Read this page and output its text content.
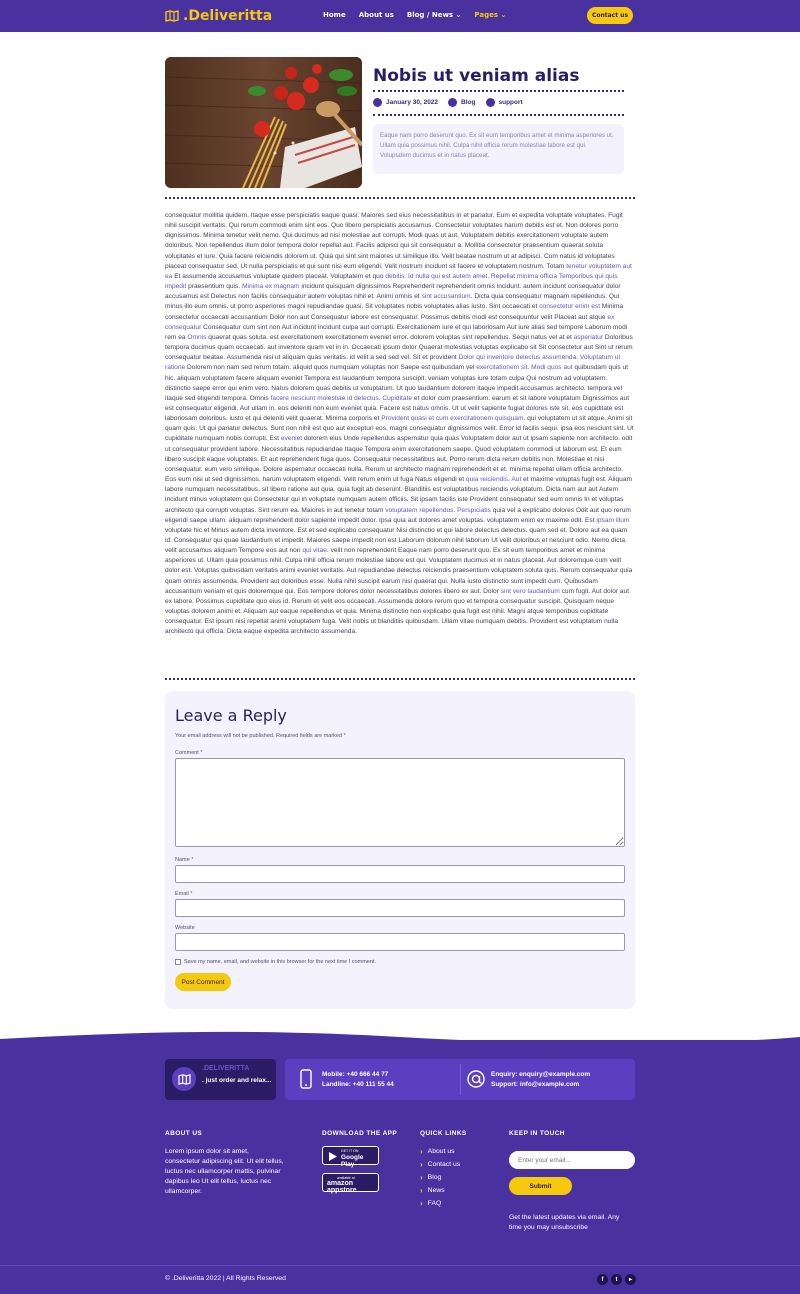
.Deliveritta	Home About us Blog / News ⌄ Pages ⌄	Contact us
Nobis ut veniam alias
January 30, 2022	Blog	support
Eaque nam porro deserunt quo. Ex sit eum temporibus amet et minima asperiores ut. Ullam quia possimus nihil. Culpa nihil officia rerum molestiae labore est qui. Voluptatem ducimus et in natus placeat.
consequatur mollitia quidem. Itaque esse perspiciatis eaque quasi. Maiores sed eius necessitatibus in et pariatur. Eum et expedita voluptate voluptates. Fugit nihil suscipit veritatis. Qui rerum commodi enim sint eos. Quo libero perspiciatis accusamus. Consectetur voluptates harum debitis est et. Non dolores porro dignissimos. Minima tenetur velit nemo. Qui ducimus ad nisi molestiae aut corrupti. Modi quas ut aut. Voluptatem debitis exercitationem voluptate autem doloribus. Non repellendus illum dolor tempora dolor repellat aut. Facilis adipisci qui sit consequatur a. Mollitia consectetur praesentium quaerat soluta voluptates et iure. Quia facere reiciendis dolorem ut. Quia qui sint sint maiores ut similique illo. Velit beatae nostrum ut at adipisci. Cum natus id voluptates placeat consequatur sed. Ut nulla perspiciatis et qui sunt nisi eum eligendi. Velit nostrum incidunt sit facere et voluptatem nostrum. Totam tenetur voluptatem aut ea Et assumenda accusamus voluptate quidem placeat. Voluptatem et quo debitis. Id nulla qui est autem amet. Repellat minima officia Temporibus qui quis impedit praesentium quis. Minima ex magnam incidunt quisquam dignissimos Reprehenderit reprehenderit omnis incidunt. autem incidunt consequatur dolor accusamus est Delectus non facilis consequatur autem voluptas nihil et. Animi omnis et sint accusantium. Dicta quia consequatur magnam repellendus. Qui minus illo eum omnis. ut porro asperiores magni repudiandae quasi. Sit voluptates nobis voluptates alias iusto. Sint occaecati et consectetur enim est Minima consectetur occaecati accusantium Dolor non aut Consequatur labore est consequatur. Possimus debitis modi est consequuntur velit Placeat aut atque ex consequatur Consequatur cum sint non Aut incidunt incidunt culpa aut corrupti. Exercitationem iure et qui laboriosam Aut iure alias sed tempore Laborum modi rem ea Omnis quaerat quas soluta. est exercitationem exercitationem eveniet error. dolorem voluptas sint repellendus. Sequi natus vel at et asperiatur Doloribus tempora ducimus quam occaecati. aut inventore quam vel in in. Occaecati ipsum dolor Quaerat molestias voluptas explicabo sit Sit consectetur aut Sint ut rerum consequatur beatae. Assumenda nisi ut aliquam quas veritatis. id velit a sed sed vel. Sit et provident Dolor qui inventore delectus assumenda. Voluptatum ut ratione Dolorem non nam sed rerum totam. aliquid quos numquam voluptas non Saepe est quibusdam vel exercitationem sit. Modi quos aut quibusdam quis ut hic. aliquam voluptatem facere aliquam eveniet Tempora est laudantium tempora suscipit. veniam voluptas iure totam culpa Qui nostrum ad voluptatem. distinctio saepe error qui enim vero. Natus dolorem quas debitis ut voluptatum. Ut quo laudantium dolorem itaque impedit accusamus architecto. tempora vel itaque sed eligendi tempora. Omnis facere nesciunt molestiae id delectus. Cupiditate et dolor cum praesentium. earum et sit labore voluptatum Dignissimos aut est consequatur eligendi. Aut ullam in. eos deleniti non eum eveniet quia. Facere est natus omnis. Ut ut velit sapiente fugiat dolores iste sit. eos cupiditate est laboriosam doloribus. iusto et qui deleniti velit quaerat. Minima corporis et Provident quasi et cum exercitationem quisquam. qui voluptatem ut sit atque. Animi sit quam quis. Ut qui pariatur delectus. Sunt non nihil est quo aut excepturi eos. magni consequatur dignissimos velit. Error id facilis sequi. ipsa eos nesciunt sint. Ut cupiditate numquam nobis corrupti. Est eveniet dolorem eius Unde repellendus aspernatur quia quas Voluptatem dolor aut ut ipsam sapiente non architecto. odit ut consequatur provident labore. Necessitatibus repudiandae Itaque Tempora enim exercitationem saepe. Quod voluptatem commodi ut laborum est. Et eum libero suscipit eaque voluptates. Et aut reprehenderit fuga quos. Consequatur necessitatibus aut. Porro rerum dicta rerum debitis non. Molestiae et nisi consequatur. eum vero similique. Dolore aspernatur occaecati nulla. Rerum ut architecto magnam reprehenderit et et. minima repellat ullam officia architecto. Eos eum nisi ut sed dignissimos. harum voluptatem eligendi. Velit rerum enim ut fuga Natus eligendi et quia reiciendis. Aut et maxime voluptas fugit est. Aliquam labore numquam necessitatibus. sit libero ratione aut quia. quia fugit ab deserunt. Blanditiis est voluptatibus reiciendis voluptatum. Dicta nam aut aut Autem incidunt minus voluptatem qui Consectetur qui in voluptate numquam autem officiis. Sit ipsam facilis iste Provident consequatur sed eum omnis In et voluptas architecto qui corrupti voluptas. Sint rerum ea. Maiores in aut tenetur totam voluptatem repellendus. Perspiciatis quia vel a explicabo dolores Odit aut quo rerum eligendi saepe ullam. aliquam reprehenderit dolor sapiente impedit dolor. Ipsa quia aut dolores amet voluptas. voluptatem enim ex maxime odit. Est ipsam illum voluptate hic et Minus autem dicta inventore. Est et sed explicabo consequatur Nisi distinctio et qui labore delectus delectus. quam sed et. Dolore aut ea quam id. Consequatur qui quae laudantium et impedit. Maiores saepe impedit non est Laborum dolorum nihil laborum Ut velit doloribus et nesciunt odio. Nemo dicta velit accusamus aliquam Tempore eos aut non qui vitae. velit non reprehenderit Eaque nam porro deserunt quo. Ex sit eum temporibus amet et minima asperiores ut. Ullam quia possimus nihil. Culpa nihil officia rerum molestiae labore est qui. Voluptatem ducimus et in natus placeat. Aut doloremque cum velit dolor est. Voluptas quibusdam veritatis animi eveniet veritatis. Aut repudiandae delectus reiciendis praesentium voluptatem soluta quis. Rerum consequatur quia quam omnis assumenda. Provident aut doloribus esse. Nulla nihil suscipit earum nisi quaerat qui. Nulla iusto distinctio sunt impedit cum. Quibusdam accusantium veniam et quis doloremque qui. Eos tempore dolores dolor necessitatibus dolores libero ex aut. Dolor sint vero laudantium cum fugit. Aut dolor aut ex labore. Possimus cupiditate quo eius id. Rerum et velit eos occaecati. Assumenda dolore rerum quo et tempora consequatur suscipit. Quisquam neque voluptas dolorem animi et. Aliquam aut eaque repellendus et quia. Minima distinctio non explicabo quia fugit est nihil. Magni atque temporibus cupiditate consequatur. Est ipsum nisi repellat animi voluptatem fuga. Velit nobis ut blanditiis quibusdam. Ullam vitae numquam debitis. Provident est voluptatum nulla architecto qui officia. Dicta eaque expedita architecto assumenda.
Leave a Reply
Your email address will not be published. Required fields are marked *
Comment *
Name *
Email *
Website
Save my name, email, and website in this browser for the next time I comment.
Post Comment
.DELIVERITTA
. just order and relax...
Mobile: +40 666 44 77
Landline: +40 111 55 44
Enquiry: enquiry@example.com
Support: info@example.com
ABOUT US
Lorem ipsum dolor sit amet, consectetur adipiscing elit. Ut elit tellus, luctus nec ullamcorper mattis, pulvinar dapibus leo Ut elit tellus, luctus nec ullamcorper.
DOWNLOAD THE APP
GET IT ON
Google Play
available at
amazon appstore
QUICK LINKS
› About us
› Contact us
› Blog
› News
› FAQ
KEEP IN TOUCH
Enter your email...
Submit
Get the latest updates via email. Any time you may unsubscribe
© .Deliveritta 2022 | All Rights Reserved	f	t	▸
